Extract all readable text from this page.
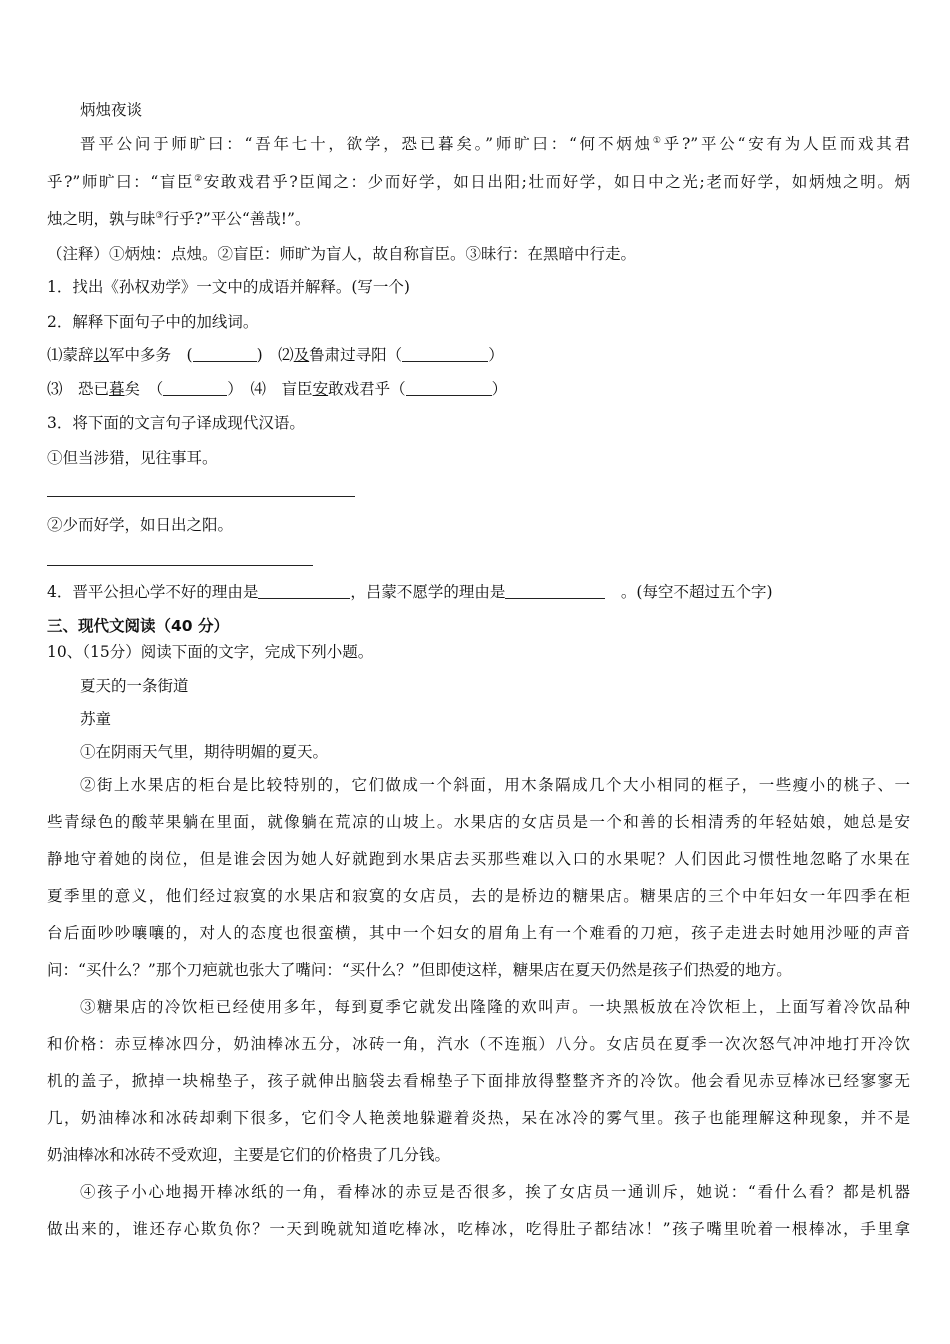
炳烛夜谈
晋平公问于师旷曰：“吾年七十，欲学，恐已暮矣。”师旷曰：“何不炳烛①乎?”平公“安有为人臣而戏其君
乎?”师旷曰：“盲臣②安敢戏君乎?臣闻之：少而好学，如日出阳;壮而好学，如日中之光;老而好学，如炳烛之明。炳
烛之明，孰与昧③行乎?”平公“善哉!”。
（注释）①炳烛：点烛。②盲臣：师旷为盲人，故自称盲臣。③昧行：在黑暗中行走。
1．找出《孙权劝学》一文中的成语并解释。(写一个)
2．解释下面句子中的加线词。
⑴蒙辞以军中多务　(	)　⑵及鲁肃过寻阳（	）
⑶　恐已暮矣　（	）　⑷　盲臣安敢戏君乎（	）
3．将下面的文言句子译成现代汉语。
①但当涉猎，见往事耳。
②少而好学，如日出之阳。
4．晋平公担心学不好的理由是	，吕蒙不愿学的理由是	　。(每空不超过五个字)
三、现代文阅读（40 分）
10、（15分）阅读下面的文字，完成下列小题。
夏天的一条街道
苏童
①在阴雨天气里，期待明媚的夏天。
②街上水果店的柜台是比较特别的，它们做成一个斜面，用木条隔成几个大小相同的框子，一些瘦小的桃子、一
些青绿色的酸苹果躺在里面，就像躺在荒凉的山坡上。水果店的女店员是一个和善的长相清秀的年轻姑娘，她总是安
静地守着她的岗位，但是谁会因为她人好就跑到水果店去买那些难以入口的水果呢？人们因此习惯性地忽略了水果在
夏季里的意义，他们经过寂寞的水果店和寂寞的女店员，去的是桥边的糖果店。糖果店的三个中年妇女一年四季在柜
台后面吵吵嚷嚷的，对人的态度也很蛮横，其中一个妇女的眉角上有一个难看的刀疤，孩子走进去时她用沙哑的声音
问：“买什么？”那个刀疤就也张大了嘴问：“买什么？”但即使这样，糖果店在夏天仍然是孩子们热爱的地方。
③糖果店的冷饮柜已经使用多年，每到夏季它就发出隆隆的欢叫声。一块黑板放在冷饮柜上，上面写着冷饮品种
和价格：赤豆棒冰四分，奶油棒冰五分，冰砖一角，汽水（不连瓶）八分。女店员在夏季一次次怒气冲冲地打开冷饮
机的盖子，掀掉一块棉垫子，孩子就伸出脑袋去看棉垫子下面排放得整整齐齐的冷饮。他会看见赤豆棒冰已经寥寥无
几，奶油棒冰和冰砖却剩下很多，它们令人艳羡地躲避着炎热，呆在冰冷的雾气里。孩子也能理解这种现象，并不是
奶油棒冰和冰砖不受欢迎，主要是它们的价格贵了几分钱。
④孩子小心地揭开棒冰纸的一角，看棒冰的赤豆是否很多，挨了女店员一通训斥，她说：“看什么看？都是机器
做出来的，谁还存心欺负你？一天到晚就知道吃棒冰，吃棒冰，吃得肚子都结冰！”孩子嘴里吮着一根棒冰，手里拿
